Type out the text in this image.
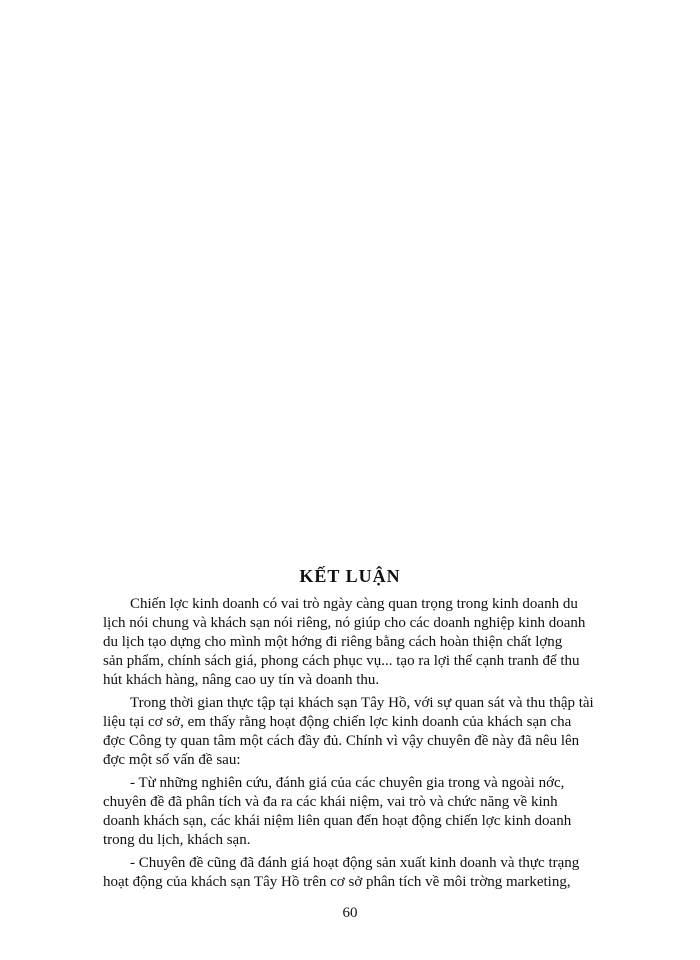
KẾT LUẬN

Chiến lợc kinh doanh có vai trò ngày càng quan trọng trong kinh doanh du
lịch nói chung và khách sạn nói riêng, nó giúp cho các doanh nghiệp kinh doanh
du lịch tạo dựng cho mình một hớng đi riêng bằng cách hoàn thiện chất lợng
sản phẩm, chính sách giá, phong cách phục vụ... tạo ra lợi thế cạnh tranh để thu
hút khách hàng, nâng cao uy tín và doanh thu.

Trong thời gian thực tập tại khách sạn Tây Hồ, với sự quan sát và thu thập tài
liệu tại cơ sở, em thấy rằng hoạt động chiến lợc kinh doanh của khách sạn cha
đợc Công ty quan tâm một cách đầy đủ. Chính vì vậy chuyên đề này đã nêu lên
đợc một số vấn đề sau:

- Từ những nghiên cứu, đánh giá của các chuyên gia trong và ngoài nớc,
chuyên đề đã phân tích và đa ra các khái niệm, vai trò và chức năng về kinh
doanh khách sạn, các khái niệm liên quan đến hoạt động chiến lợc kinh doanh
trong du lịch, khách sạn.

- Chuyên đề cũng đã đánh giá hoạt động sản xuất kinh doanh và thực trạng
hoạt động của khách sạn Tây Hồ trên cơ sở phân tích về môi trờng marketing,

60
